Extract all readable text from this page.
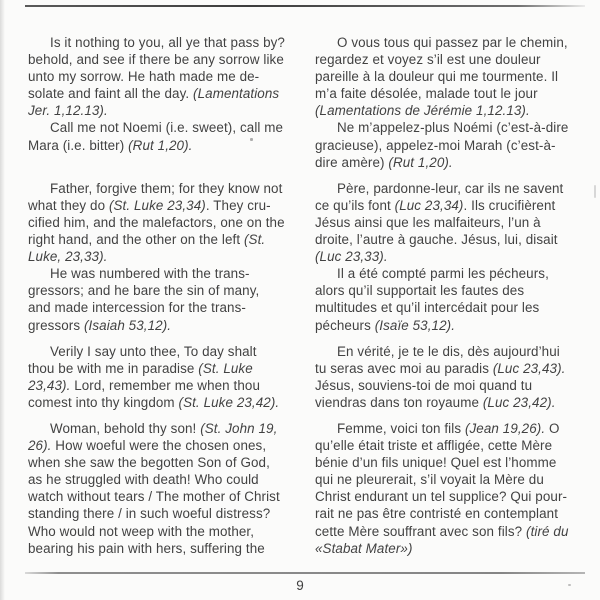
Is it nothing to you, all ye that pass by?
behold, and see if there be any sorrow like
unto my sorrow. He hath made me de-
solate and faint all the day. (Lamentations
Jer. 1,12.13).
Call me not Noemi (i.e. sweet), call me
Mara (i.e. bitter) (Rut 1,20).
O vous tous qui passez par le chemin,
regardez et voyez s’il est une douleur
pareille à la douleur qui me tourmente. Il
m’a faite désolée, malade tout le jour
(Lamentations de Jérémie 1,12.13).
Ne m’appelez-plus Noémi (c’est-à-dire
gracieuse), appelez-moi Marah (c’est-à-
dire amère) (Rut 1,20).
Father, forgive them; for they know not
what they do (St. Luke 23,34). They cru-
cified him, and the malefactors, one on the
right hand, and the other on the left (St.
Luke, 23,33).
He was numbered with the trans-
gressors; and he bare the sin of many,
and made intercession for the trans-
gressors (Isaiah 53,12).
Père, pardonne-leur, car ils ne savent
ce qu’ils font (Luc 23,34). Ils crucifièrent
Jésus ainsi que les malfaiteurs, l’un à
droite, l’autre à gauche. Jésus, lui, disait
(Luc 23,33).
Il a été compté parmi les pécheurs,
alors qu’il supportait les fautes des
multitudes et qu’il intercédait pour les
pécheurs (Isaïe 53,12).
Verily I say unto thee, To day shalt
thou be with me in paradise (St. Luke
23,43). Lord, remember me when thou
comest into thy kingdom (St. Luke 23,42).
En vérité, je te le dis, dès aujourd’hui
tu seras avec moi au paradis (Luc 23,43).
Jésus, souviens-toi de moi quand tu
viendras dans ton royaume (Luc 23,42).
Woman, behold thy son! (St. John 19,
26). How woeful were the chosen ones,
when she saw the begotten Son of God,
as he struggled with death! Who could
watch without tears / The mother of Christ
standing there / in such woeful distress?
Who would not weep with the mother,
bearing his pain with hers, suffering the
Femme, voici ton fils (Jean 19,26). O
qu’elle était triste et affligée, cette Mère
bénie d’un fils unique! Quel est l’homme
qui ne pleurerait, s’il voyait la Mère du
Christ endurant un tel supplice? Qui pour-
rait ne pas être contristé en contemplant
cette Mère souffrant avec son fils? (tiré du
«Stabat Mater»)
9
